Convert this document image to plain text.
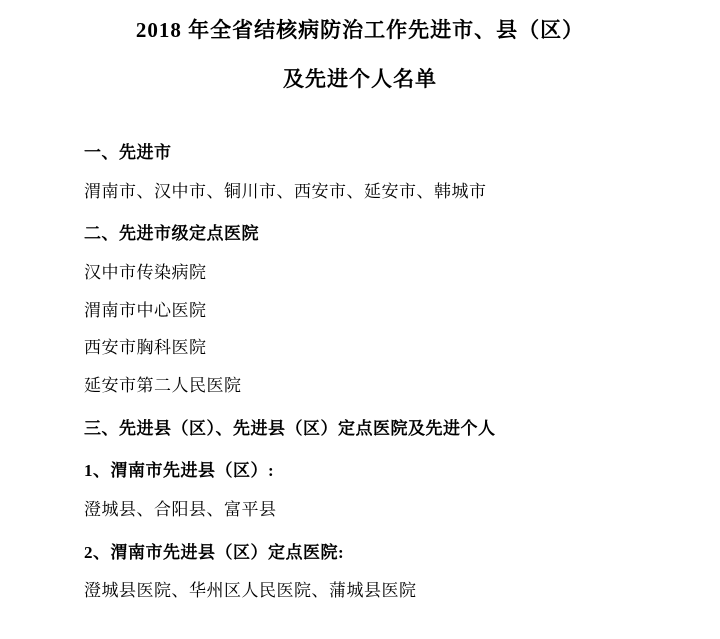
2018 年全省结核病防治工作先进市、县（区）
及先进个人名单
一、先进市
渭南市、汉中市、铜川市、西安市、延安市、韩城市
二、先进市级定点医院
汉中市传染病院
渭南市中心医院
西安市胸科医院
延安市第二人民医院
三、先进县（区）、先进县（区）定点医院及先进个人
1、渭南市先进县（区）:
澄城县、合阳县、富平县
2、渭南市先进县（区）定点医院:
澄城县医院、华州区人民医院、蒲城县医院
